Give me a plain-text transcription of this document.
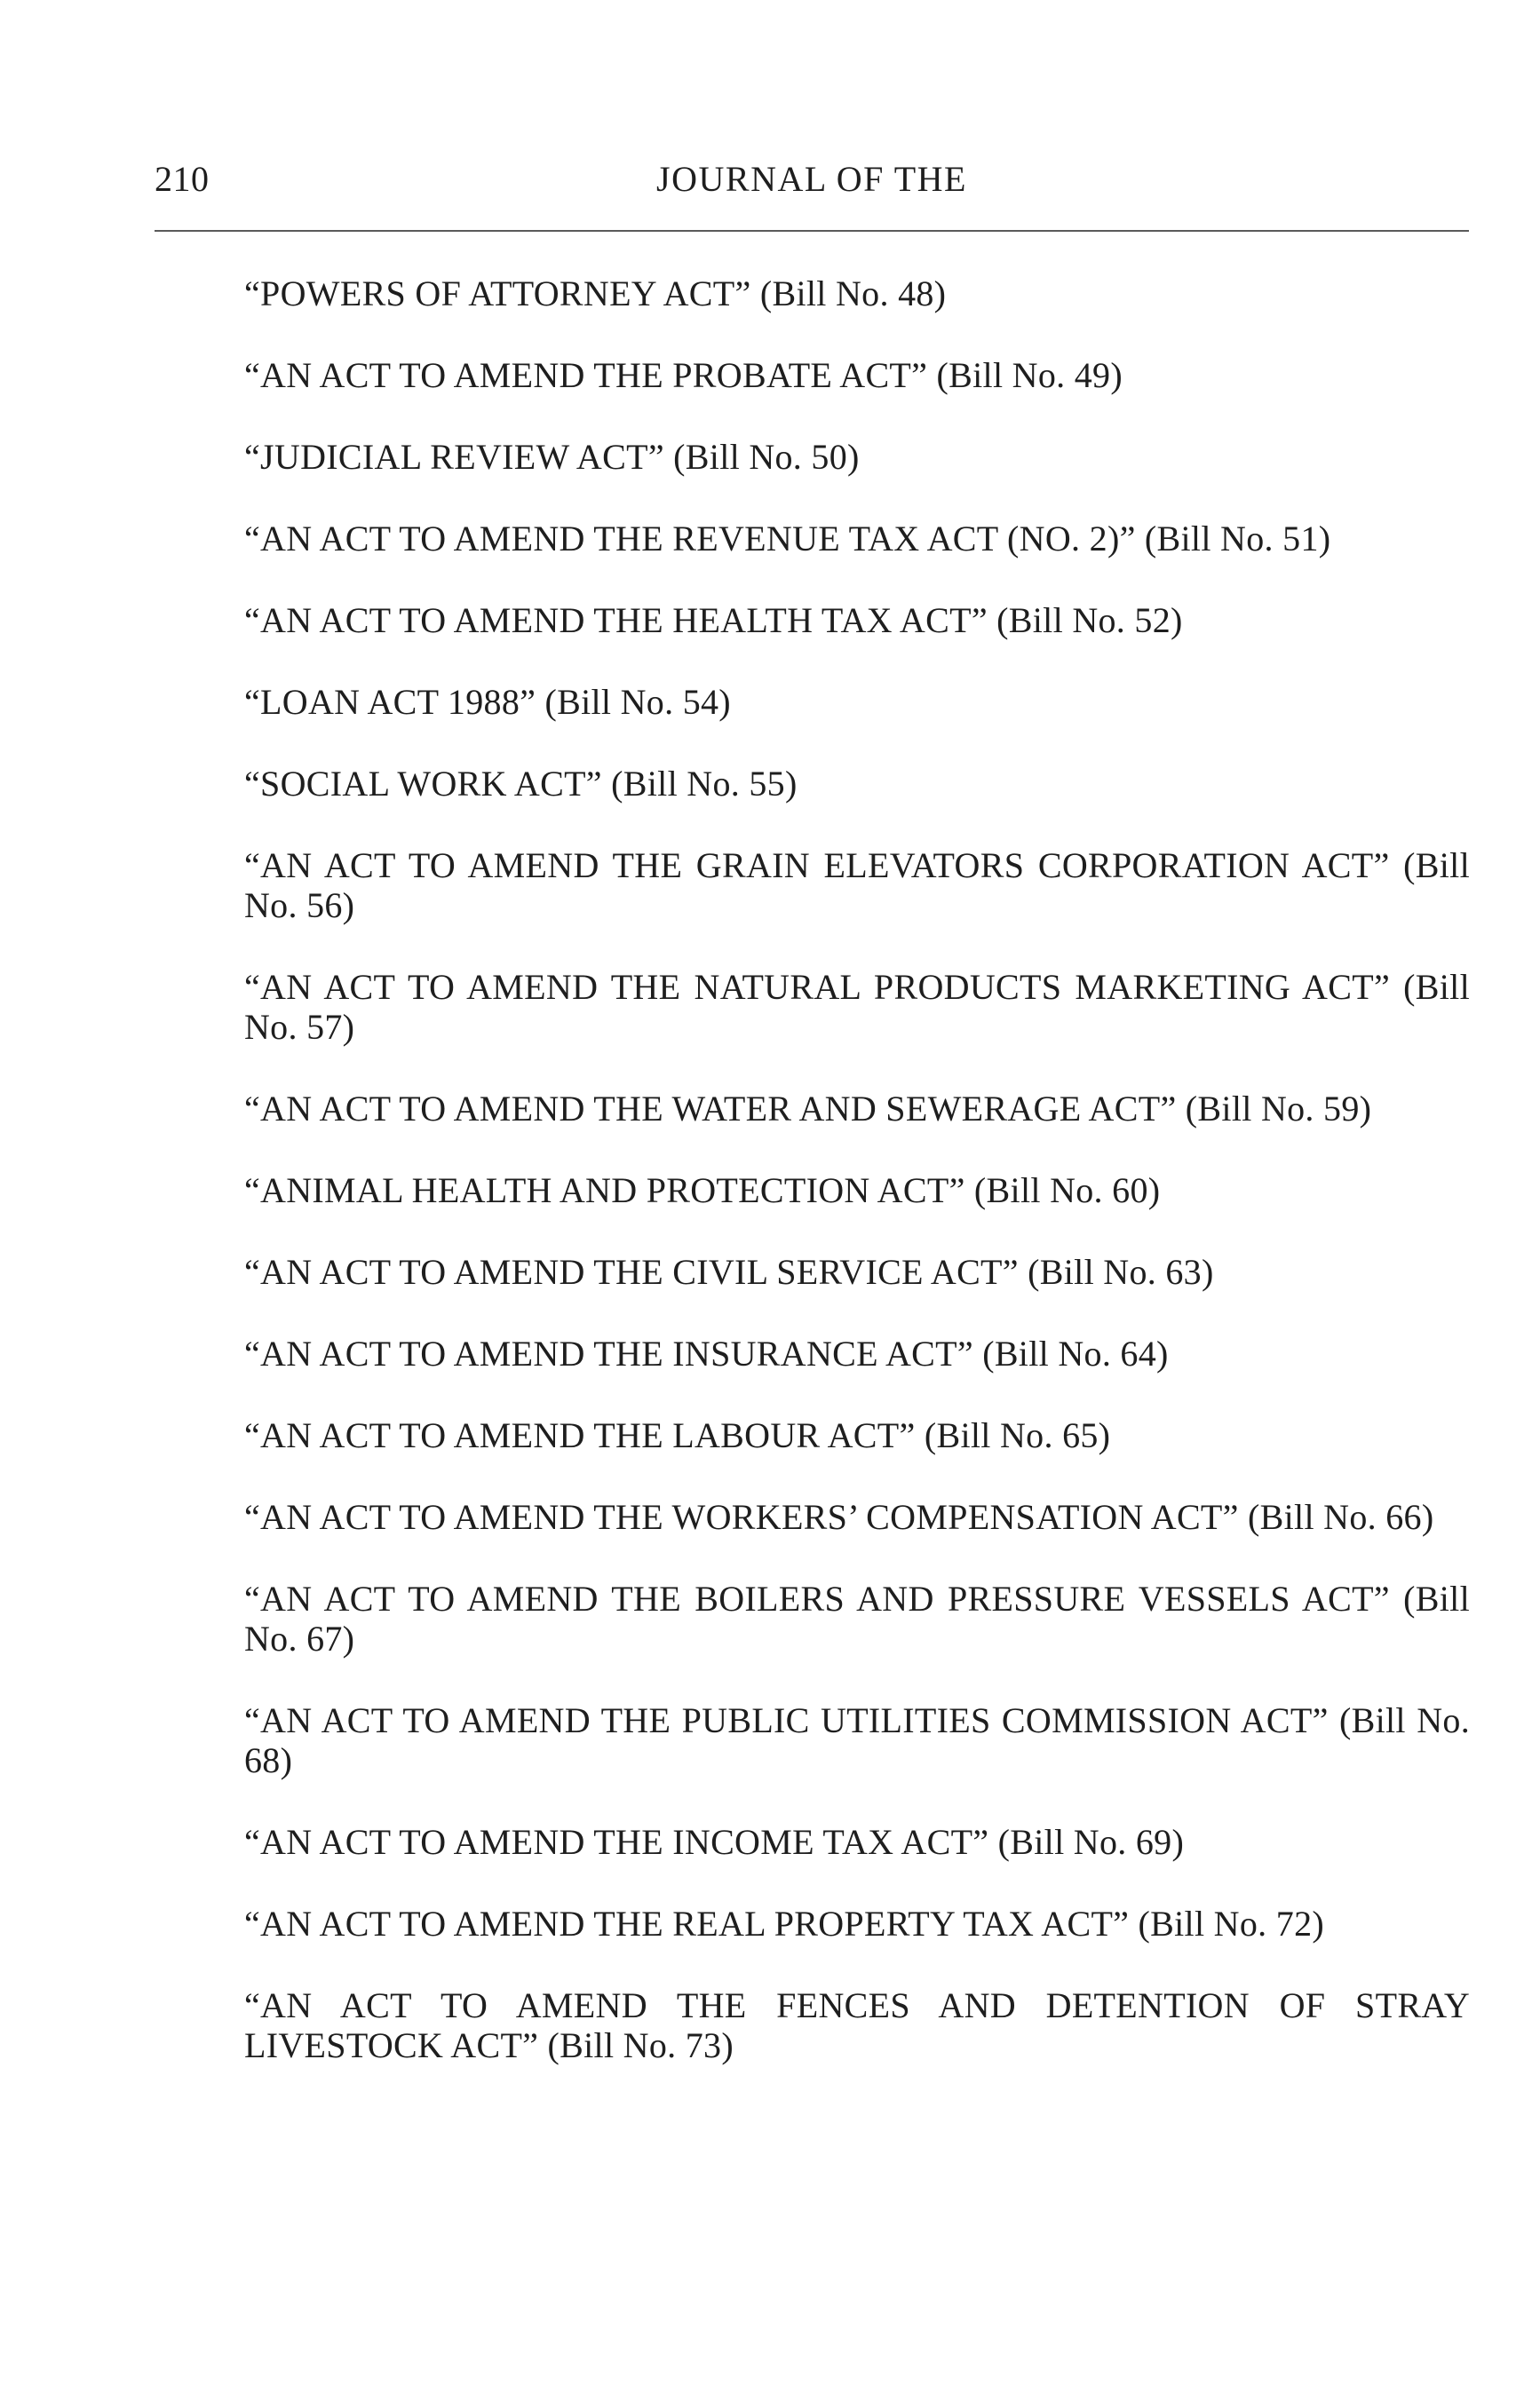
210	JOURNAL OF THE
“POWERS OF ATTORNEY ACT” (Bill No. 48)
“AN ACT TO AMEND THE PROBATE ACT” (Bill No. 49)
“JUDICIAL REVIEW ACT” (Bill No. 50)
“AN ACT TO AMEND THE REVENUE TAX ACT (NO. 2)” (Bill No. 51)
“AN ACT TO AMEND THE HEALTH TAX ACT” (Bill No. 52)
“LOAN ACT 1988” (Bill No. 54)
“SOCIAL WORK ACT” (Bill No. 55)
“AN ACT TO AMEND THE GRAIN ELEVATORS CORPORATION ACT” (Bill No. 56)
“AN ACT TO AMEND THE NATURAL PRODUCTS MARKETING ACT” (Bill No. 57)
“AN ACT TO AMEND THE WATER AND SEWERAGE ACT” (Bill No. 59)
“ANIMAL HEALTH AND PROTECTION ACT” (Bill No. 60)
“AN ACT TO AMEND THE CIVIL SERVICE ACT” (Bill No. 63)
“AN ACT TO AMEND THE INSURANCE ACT” (Bill No. 64)
“AN ACT TO AMEND THE LABOUR ACT” (Bill No. 65)
“AN ACT TO AMEND THE WORKERS’ COMPENSATION ACT” (Bill No. 66)
“AN ACT TO AMEND THE BOILERS AND PRESSURE VESSELS ACT” (Bill No. 67)
“AN ACT TO AMEND THE PUBLIC UTILITIES COMMISSION ACT” (Bill No. 68)
“AN ACT TO AMEND THE INCOME TAX ACT” (Bill No. 69)
“AN ACT TO AMEND THE REAL PROPERTY TAX ACT” (Bill No. 72)
“AN ACT TO AMEND THE FENCES AND DETENTION OF STRAY LIVESTOCK ACT” (Bill No. 73)
